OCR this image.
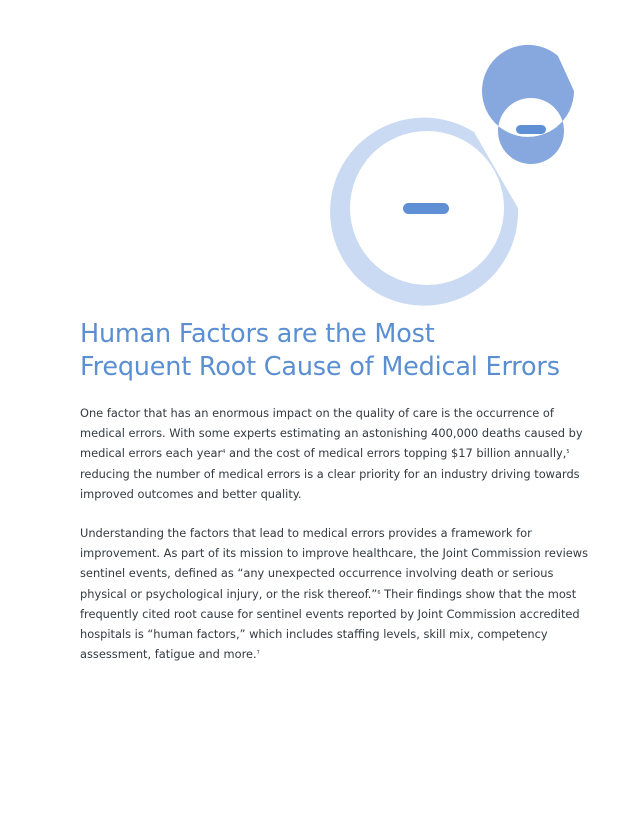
Human Factors are the Most
Frequent Root Cause of Medical Errors

One factor that has an enormous impact on the quality of care is the occurrence of
medical errors. With some experts estimating an astonishing 400,000 deaths caused by
medical errors each year$^4$ and the cost of medical errors topping $17 billion annually,$^5$
reducing the number of medical errors is a clear priority for an industry driving towards
improved outcomes and better quality.

Understanding the factors that lead to medical errors provides a framework for
improvement. As part of its mission to improve healthcare, the Joint Commission reviews
sentinel events, defined as “any unexpected occurrence involving death or serious
physical or psychological injury, or the risk thereof.”$^6$ Their findings show that the most
frequently cited root cause for sentinel events reported by Joint Commission accredited
hospitals is “human factors,” which includes staffing levels, skill mix, competency
assessment, fatigue and more.$^7$
